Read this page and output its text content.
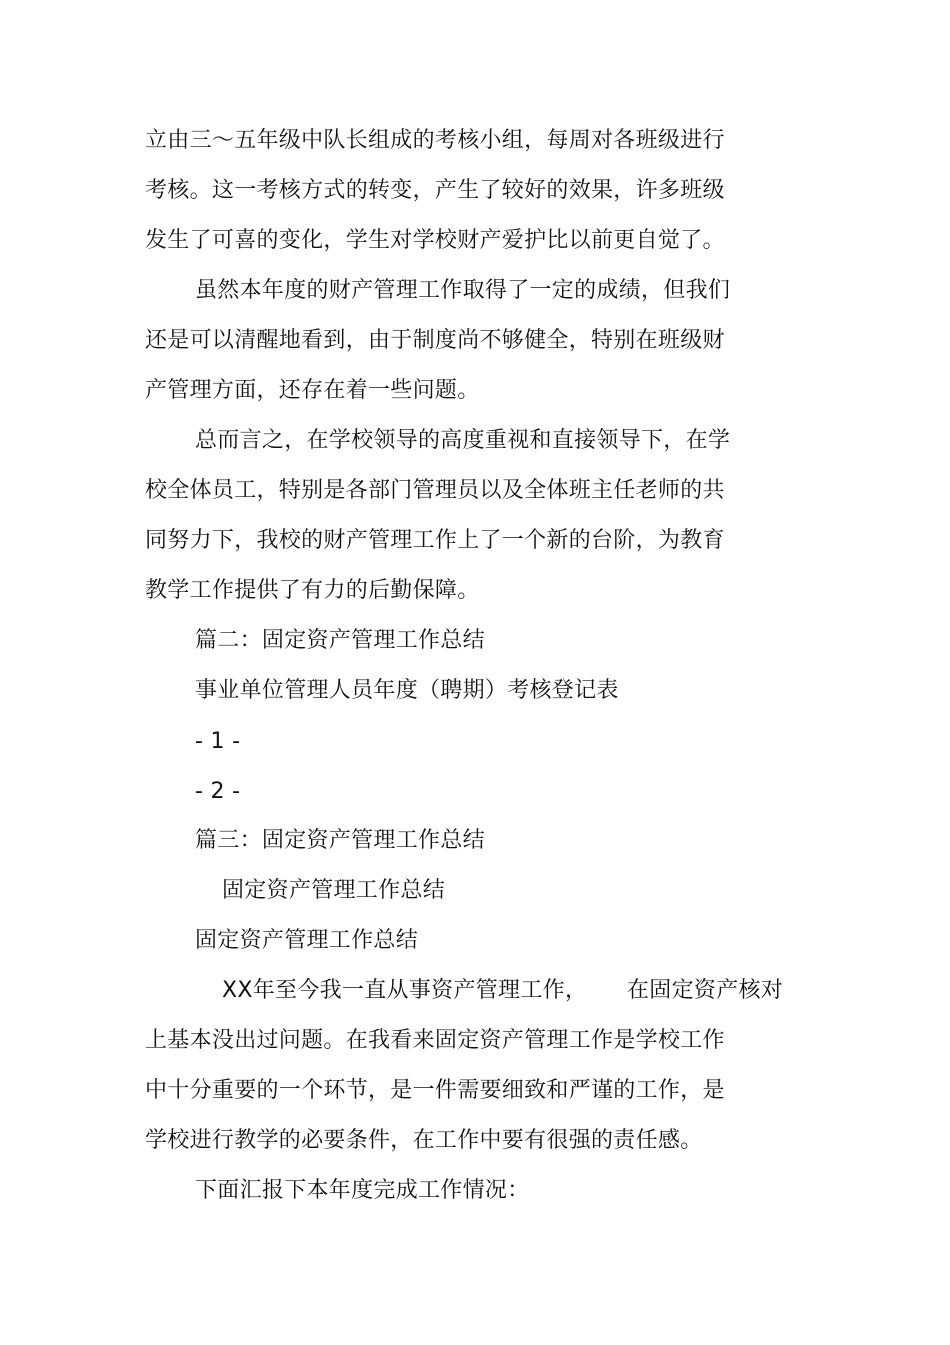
立由三～五年级中队长组成的考核小组，每周对各班级进行
考核。这一考核方式的转变，产生了较好的效果，许多班级
发生了可喜的变化，学生对学校财产爱护比以前更自觉了。
虽然本年度的财产管理工作取得了一定的成绩，但我们
还是可以清醒地看到，由于制度尚不够健全，特别在班级财
产管理方面，还存在着一些问题。
总而言之，在学校领导的高度重视和直接领导下，在学
校全体员工，特别是各部门管理员以及全体班主任老师的共
同努力下，我校的财产管理工作上了一个新的台阶，为教育
教学工作提供了有力的后勤保障。
篇二：固定资产管理工作总结
事业单位管理人员年度（聘期）考核登记表
- 1 -
- 2 -
篇三：固定资产管理工作总结
固定资产管理工作总结
固定资产管理工作总结
XX年至今我一直从事资产管理工作， 在固定资产核对
上基本没出过问题。在我看来固定资产管理工作是学校工作
中十分重要的一个环节，是一件需要细致和严谨的工作，是
学校进行教学的必要条件，在工作中要有很强的责任感。
下面汇报下本年度完成工作情况：
